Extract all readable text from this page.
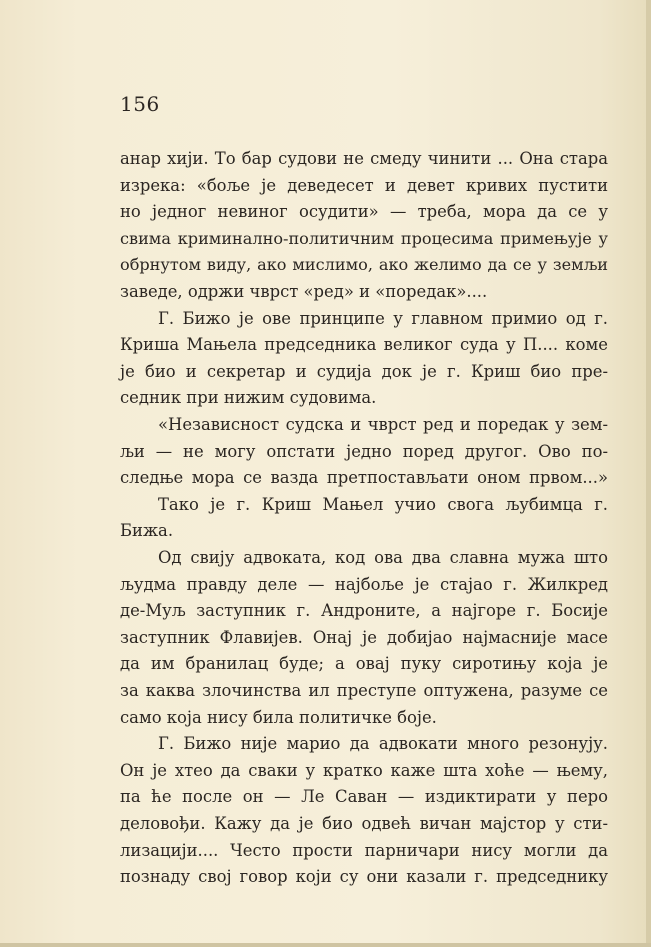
156
анар хији. То бар судови не смеду чинити ... Она стара
изрека: «боље је деведесет и девет кривих пустити
но једног невиног осудити» — треба, мора да се у
свима криминално-политичним процесима примењује у
обрнутом виду, ако мислимо, ако желимо да се у земљи
заведе, одржи чврст «ред» и «поредак»....
Г. Бижо је ове принципе у главном примио од г.
Криша Мањела председника великог суда у П.... коме
је био и секретар и судија док је г. Криш био пре-
седник при нижим судовима.
«Независност судска и чврст ред и поредак у зем-
љи — не могу опстати једно поред другог. Ово по-
следње мора се вазда претпостављати оном првом...»
Тако је г. Криш Мањел учио свога љубимца г.
Бижа.
Од свију адвоката, код ова два славна мужа што
људма правду деле — најбоље је стајао г. Жилкред
де-Муљ заступник г. Андроните, а најгоре г. Босије
заступник Флавијев. Онај је добијао најмасније масе
да им бранилац буде; а овај пуку сиротињу која је
за каква злочинства ил преступе оптужена, разуме се
само која нису била политичке боје.
Г. Бижо није марио да адвокати много резонују.
Он је хтео да сваки у кратко каже шта хоће — њему,
па ће после он — Ле Саван — издиктирати у перо
деловођи. Кажу да је био одвећ вичан мајстор у сти-
лизацији.... Често прости парничари нису могли да
познаду свој говор који су они казали г. председнику
